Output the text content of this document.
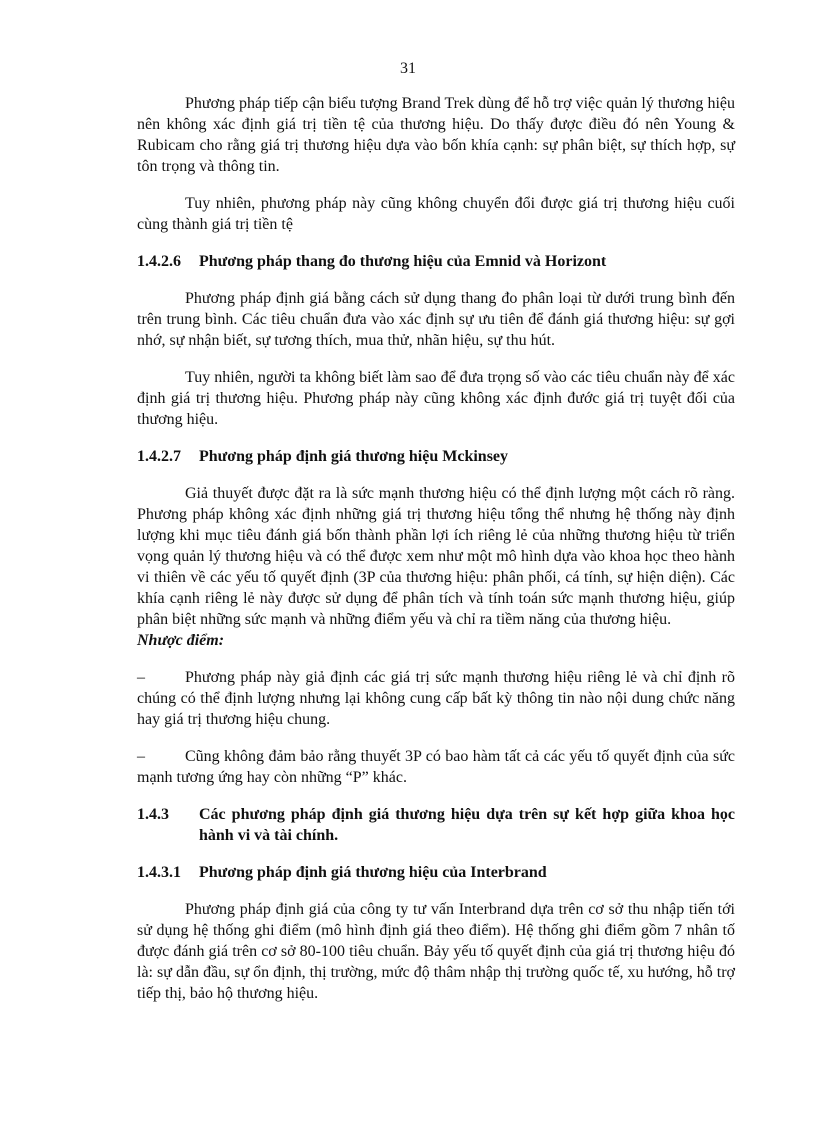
31

Phương pháp tiếp cận biểu tượng Brand Trek dùng để hỗ trợ việc quản lý thương hiệu nên không xác định giá trị tiền tệ của thương hiệu. Do thấy được điều đó nên Young & Rubicam cho rằng giá trị thương hiệu dựa vào bốn khía cạnh: sự phân biệt, sự thích hợp, sự tôn trọng và thông tin.

Tuy nhiên, phương pháp này cũng không chuyển đổi được giá trị thương hiệu cuối cùng thành giá trị tiền tệ

1.4.2.6 Phương pháp thang đo thương hiệu của Emnid và Horizont

Phương pháp định giá bằng cách sử dụng thang đo phân loại từ dưới trung bình đến trên trung bình. Các tiêu chuẩn đưa vào xác định sự ưu tiên để đánh giá thương hiệu: sự gợi nhớ, sự nhận biết, sự tương thích, mua thử, nhãn hiệu, sự thu hút.

Tuy nhiên, người ta không biết làm sao để đưa trọng số vào các tiêu chuẩn này để xác định giá trị thương hiệu. Phương pháp này cũng không xác định đước giá trị tuyệt đối của thương hiệu.

1.4.2.7 Phương pháp định giá thương hiệu Mckinsey

Giả thuyết được đặt ra là sức mạnh thương hiệu có thể định lượng một cách rõ ràng. Phương pháp không xác định những giá trị thương hiệu tổng thể nhưng hệ thống này định lượng khi mục tiêu đánh giá bốn thành phần lợi ích riêng lẻ của những thương hiệu từ triển vọng quản lý thương hiệu và có thể được xem như một mô hình dựa vào khoa học theo hành vi thiên về các yếu tố quyết định (3P của thương hiệu: phân phối, cá tính, sự hiện diện). Các khía cạnh riêng lẻ này được sử dụng để phân tích và tính toán sức mạnh thương hiệu, giúp phân biệt những sức mạnh và những điểm yếu và chỉ ra tiềm năng của thương hiệu.

Nhược điểm:

–	Phương pháp này giả định các giá trị sức mạnh thương hiệu riêng lẻ và chỉ định rõ chúng có thể định lượng nhưng lại không cung cấp bất kỳ thông tin nào nội dung chức năng hay giá trị thương hiệu chung.

–	Cũng không đảm bảo rằng thuyết 3P có bao hàm tất cả các yếu tố quyết định của sức mạnh tương ứng hay còn những “P” khác.

1.4.3	Các phương pháp định giá thương hiệu dựa trên sự kết hợp giữa khoa học hành vi và tài chính.
1.4.3.1 Phương pháp định giá thương hiệu của Interbrand

Phương pháp định giá của công ty tư vấn Interbrand dựa trên cơ sở thu nhập tiến tới sử dụng hệ thống ghi điểm (mô hình định giá theo điểm). Hệ thống ghi điểm gồm 7 nhân tố được đánh giá trên cơ sở 80-100 tiêu chuẩn. Bảy yếu tố quyết định của giá trị thương hiệu đó là: sự dẫn đầu, sự ổn định, thị trường, mức độ thâm nhập thị trường quốc tế, xu hướng, hỗ trợ tiếp thị, bảo hộ thương hiệu.
